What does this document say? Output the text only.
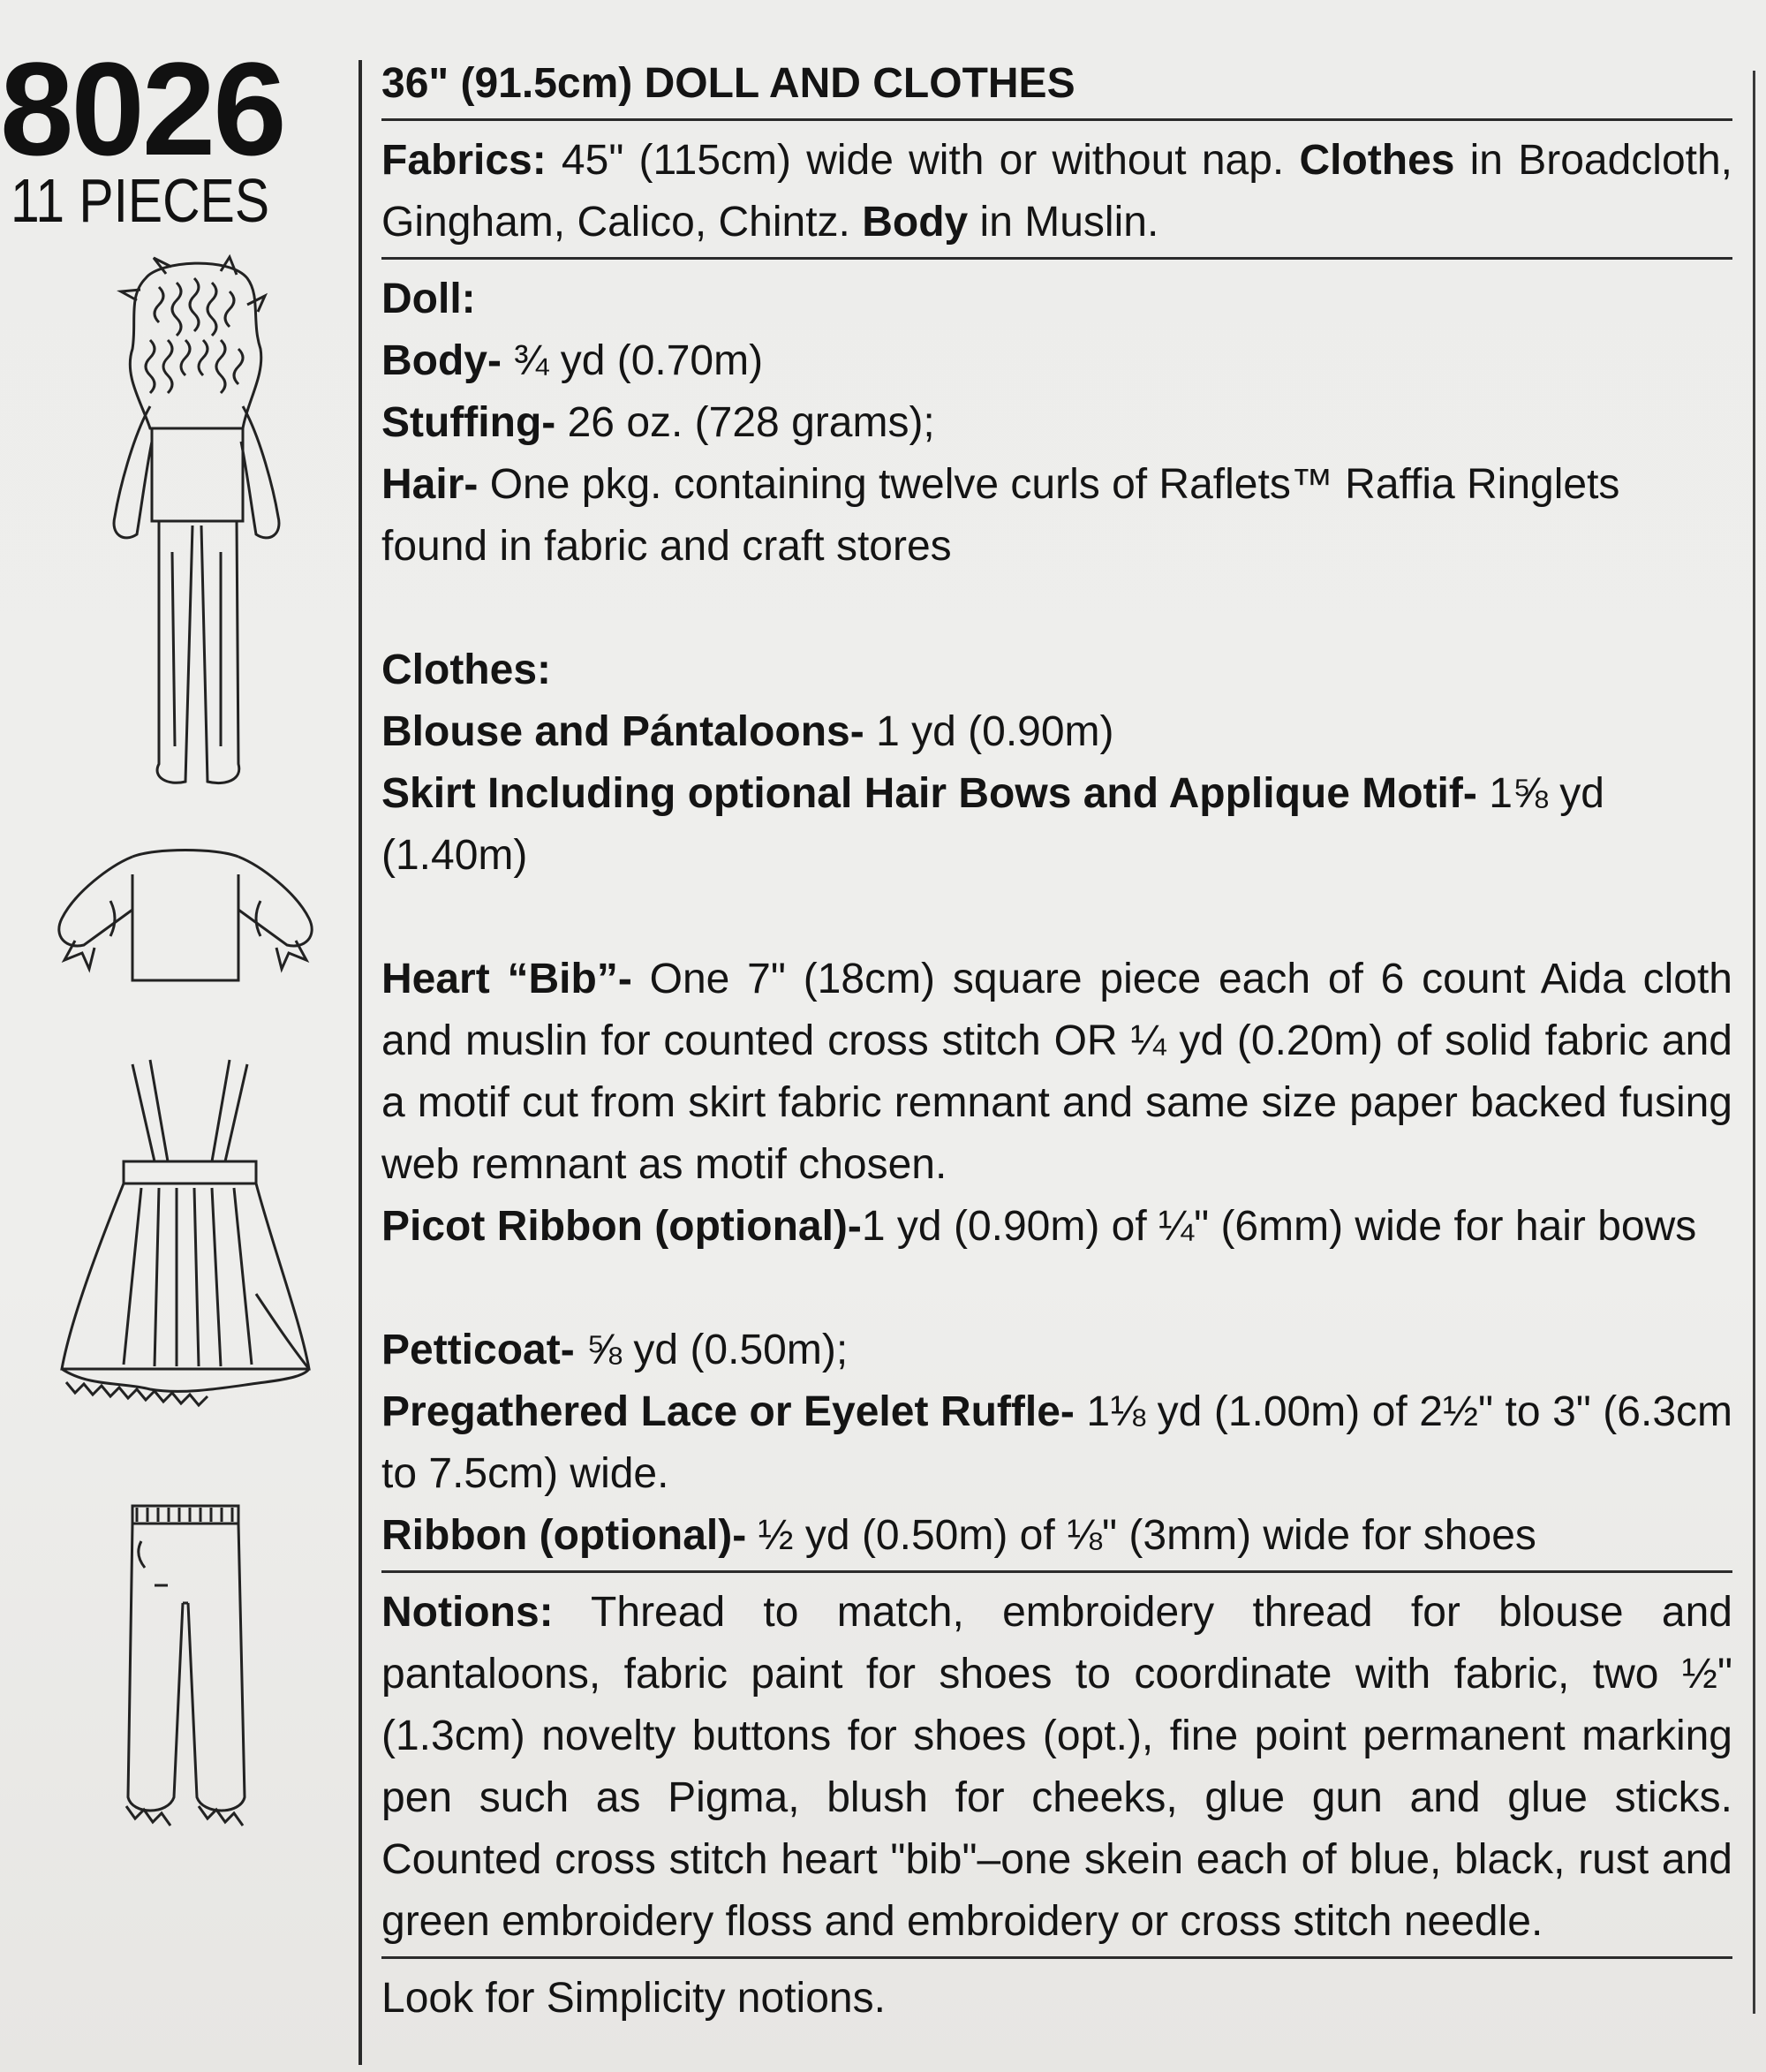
8026
11 PIECES

36" (91.5cm) DOLL AND CLOTHES

Fabrics: 45" (115cm) wide with or without nap. Clothes in Broadcloth, Gingham, Calico, Chintz. Body in Muslin.

Doll:

Body- ¾ yd (0.70m)

Stuffing- 26 oz. (728 grams);

Hair- One pkg. containing twelve curls of Raflets™ Raffia Ringlets found in fabric and craft stores

Clothes:

Blouse and Pántaloons- 1 yd (0.90m)

Skirt Including optional Hair Bows and Applique Motif- 1⅝ yd (1.40m)

Heart “Bib”- One 7" (18cm) square piece each of 6 count Aida cloth and muslin for counted cross stitch OR ¼ yd (0.20m) of solid fabric and a motif cut from skirt fabric remnant and same size paper backed fusing web remnant as motif chosen.

Picot Ribbon (optional)-1 yd (0.90m) of ¼" (6mm) wide for hair bows

Petticoat- ⅝ yd (0.50m);

Pregathered Lace or Eyelet Ruffle- 1⅛ yd (1.00m) of 2½" to 3" (6.3cm to 7.5cm) wide.

Ribbon (optional)- ½ yd (0.50m) of ⅛" (3mm) wide for shoes

Notions: Thread to match, embroidery thread for blouse and pantaloons, fabric paint for shoes to coordinate with fabric, two ½" (1.3cm) novelty buttons for shoes (opt.), fine point permanent marking pen such as Pigma, blush for cheeks, glue gun and glue sticks. Counted cross stitch heart "bib"–one skein each of blue, black, rust and green embroidery floss and embroidery or cross stitch needle.

Look for Simplicity notions.
